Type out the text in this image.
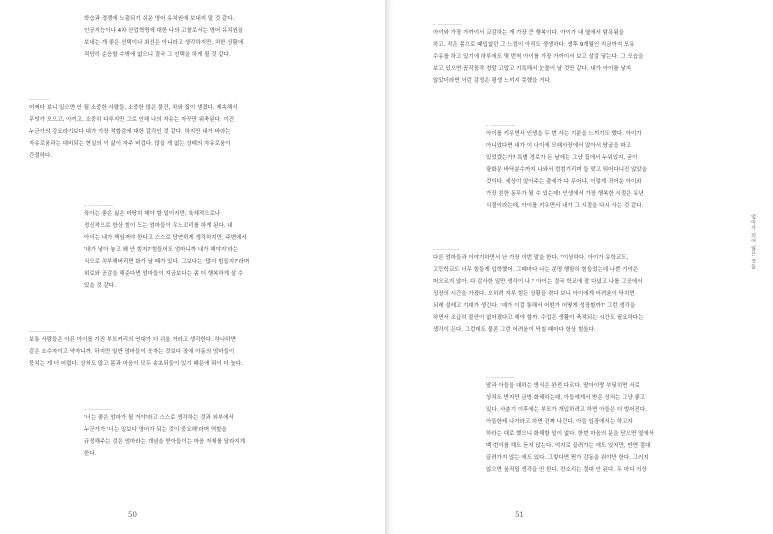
학습과 경쟁에 노출되기 쉬운 영어 유치원에 보내지 말 것 같다.
인공지능이나 4차 산업혁명에 대한 나의 고찰로서는 영어 유치원을
보내는 게 좋은 선택이나 최선은 아니라고 생각하지만, 처한 상황에
적당히 순응할 수밖에 없으니 결국 그 선택을 하게 될 것 같다.

_______

어쩌다 보니 일으면 안 될 소중한 사람들, 소중한 많은 물건, 차와 집이 생겼다. 제속해서
무엇가 모으고, 아끼고, 소중히 다루지만 그로 인해 나의 자유는 자꾸만 위축된다. 이건
누군가의 강요라기보다 내가 가장 적합감에 대한 갈각인 것 같다. 하지만 내가 바라는
자유로움과는 대비되는 현실의 이 삶이 자주 버겁다. 많을 게 없는 상태의 자유로움이
간절하다.

_ ________

육아는 좋은 싫은 마땅히 해야 할 일이지만, 육체적으로나
정신적으로 항상 힘이 드는 엄마들이 우느꼬리를 하게 된다. 내
아이는 내가 책임져야 한다고 스스로 당연하게 생각하지만, 주변에서
'내가 낳아 놓고 왜 안 힘지?'힘들어도 엄마니까 내가 해야지'라는
식으로 치부해버리면 화가 날 때가 있다. 그보다는 '많이 힘들지?'라며
위로와 공감을 해준다면 엄마들이 지금보다는 좀 더 행복하게 살 수
있을 것 같다.

_________

보통 사람들은 아픈 아이를 가진 부모커리의 연대가 더 쉬울 거라고 생각한다. 하나하면
같은 소수자이고 약자니까. 하지만 일반 엄마들이 웃자는 것보다 장애 아동의 엄마들이
뭉치는 게 더 어렵다. 상처도 많고 몸과 마음이 모두 송초되들이 있기 때문에 뭐이 더 높다.

_ ________

'너는 좋은 엄마가 될 거야'라고 스스로 생각하는 것과 외부에서
누군가가 '너는 일보다 영어가 되는 것이 중요해'라며 역할을
규정해주는 것은 엄마라는 개념을 받아들이는 마음 자체를 달라지게
한다.

50
_ ________

아이와 가장 가까이서 교감하는 게 가장 큰 행복이다. 아이가 내 옆에서 탐욕됨을
하고, 작은 몸으로 떼입없던 그 느낌이 아직도 생생하다. 생후 9개월인 지금까지 모유
수유를 하고 있기에 하루에도 몇 번씩 아이를 가장 가까이서 보고 살갈 닿는다. 그 모습을
보고 있으면 꼼작꼼작 정말 고맙고 기특해서 눈물이 날 것만 같다. 내가 아이를 낳지
않았더라면 이런 감정은 평생 느끼지 못했을 거다.

_ ________

아이를 키우면서 인생을 두 번 사는 기분을 느끼기도 했다. 아이가
아니었다면 내가 이 나이에 모래사장에서 앉아서 땅굴을 파고
있었겠는가? 특별 경로가 돈 날에는 그냥 집에서 누워있지, 굳이
광화문 바닥분수까지 나와서 컴컴기리며 들 맞고 뛰어다니진 않았을
것이다. 세상이 알아주는 출세가 다 무어냐, 이렇게 귀여운 아이와
가장 친한 동무가 될 수 있는데! 인생에서 가장 행복한 시절은 유년
시절이라는데, 아이를 키우면서 내가 그 시절을 다시 사는 것 같다.

_________

다른 엄마들과 이야기하면서 난 가장 이번 말을 한다. "이상하다. 아이가 유학교도,
고등학교도 너무 힘들게 입학했어. 그때마다 나는 분명 행함히 힘들었는데 나쁜 기억은
떠오르지 않아. 다 감사한 일만 생각이 나." 아이는 결국 학교에 잘 다녔고 나를 그곳에서
성장의 시간을 가졌다. 오히려 지루 힘든 상황을 겪다 보니 아이에게 어려움이 닥치면
되레 설레고 기대가 생긴다. '예가 이걸 통해서 어떤가 어떻게 성장할까?' 그런 생각을
하면서 조급히 불안이 없어졌다고 해야 할까. 수업은 생활이 축적되는 시간도 필요하다는
생각이 든다. 그런데도 물론 그런 어려움이 닥칠 때마다 항상 힘들다.

_ ________

딸과 아들을 대하는 방식은 완전 다르다. 딸아이랑 부딪히면 서로
상처도 받지만 금방 화해하는데, 아들에게서 받은 상처는 그냥 좋고
있다. 사춘기 이후에는 부모가 개입하려고 하면 아들은 더 벌어진다.
아들한테 나가라고 하면 진짜 나간다. 아들 입장에서는 하고자
하라는 대로 했으니 화해할 일이 없다. 한번 마음의 문을 닫으면 옆에서
백 번이를 해도 듣지 않는다. 억지로 끌려가는 애도 있지만, 반면 절대
끌려가지 않는 애도 있다. 그렇다면 뭔가 감동을 줘야만 한다. 그러지
않으면 움직일 생각을 안 한다. 잔소리는 절대 안 된다. 두 마디 이상

51
엄마가 되어 잃은 것들
